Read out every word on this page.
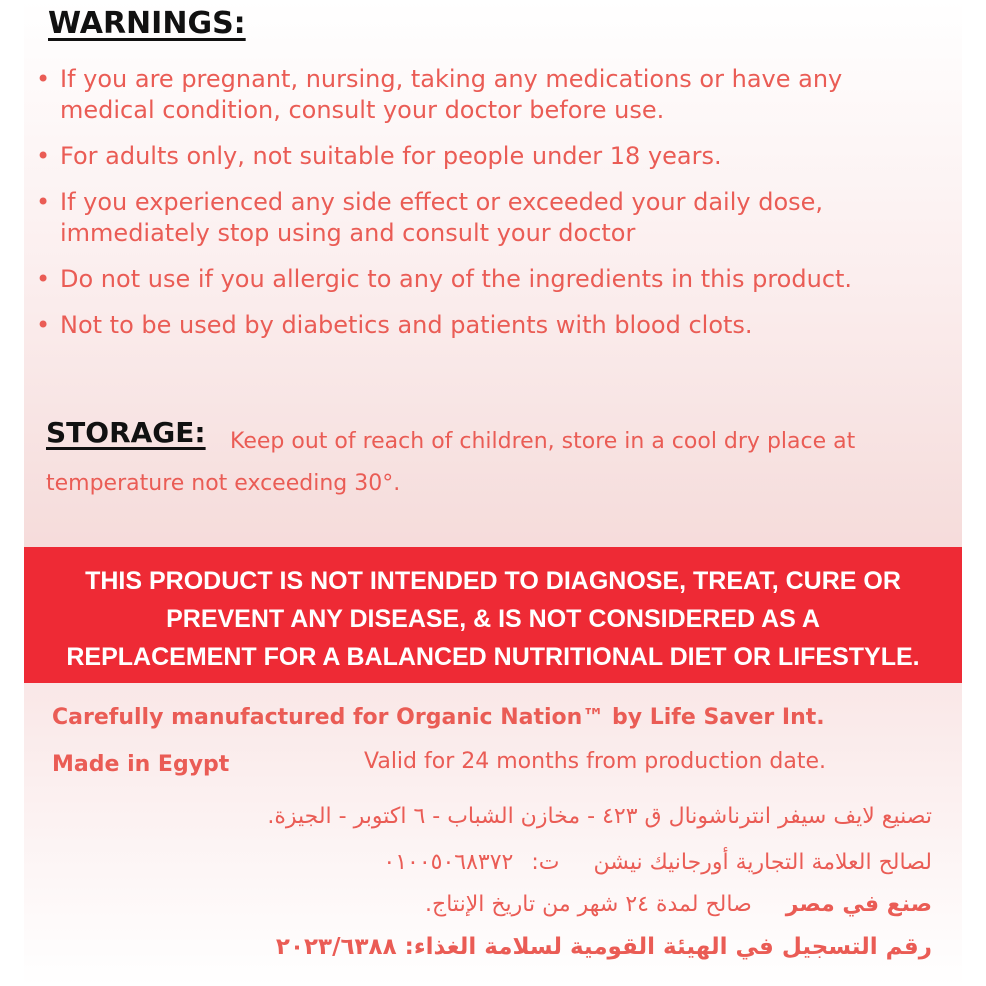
WARNINGS:
• If you are pregnant, nursing, taking any medications or have any medical condition, consult your doctor before use.
• For adults only, not suitable for people under 18 years.
• If you experienced any side effect or exceeded your daily dose, immediately stop using and consult your doctor
• Do not use if you allergic to any of the ingredients in this product.
• Not to be used by diabetics and patients with blood clots.
STORAGE:	Keep out of reach of children, store in a cool dry place at temperature not exceeding 30°.
THIS PRODUCT IS NOT INTENDED TO DIAGNOSE, TREAT, CURE OR
PREVENT ANY DISEASE, & IS NOT CONSIDERED AS A
REPLACEMENT FOR A BALANCED NUTRITIONAL DIET OR LIFESTYLE.
Carefully manufactured for Organic Nation™ by Life Saver Int.
Made in Egypt	Valid for 24 months from production date.
تصنيع لايف سيفر انترناشونال ق ٤٢٣ - مخازن الشباب - ٦ اكتوبر - الجيزة.
لصالح العلامة التجارية أورجانيك نيشنت:٠١٠٠٥٠٦٨٣٧٢
صنع في مصرصالح لمدة ٢٤ شهر من تاريخ الإنتاج.
رقم التسجيل في الهيئة القومية لسلامة الغذاء: ٢٠٢٣/٦٣٨٨
